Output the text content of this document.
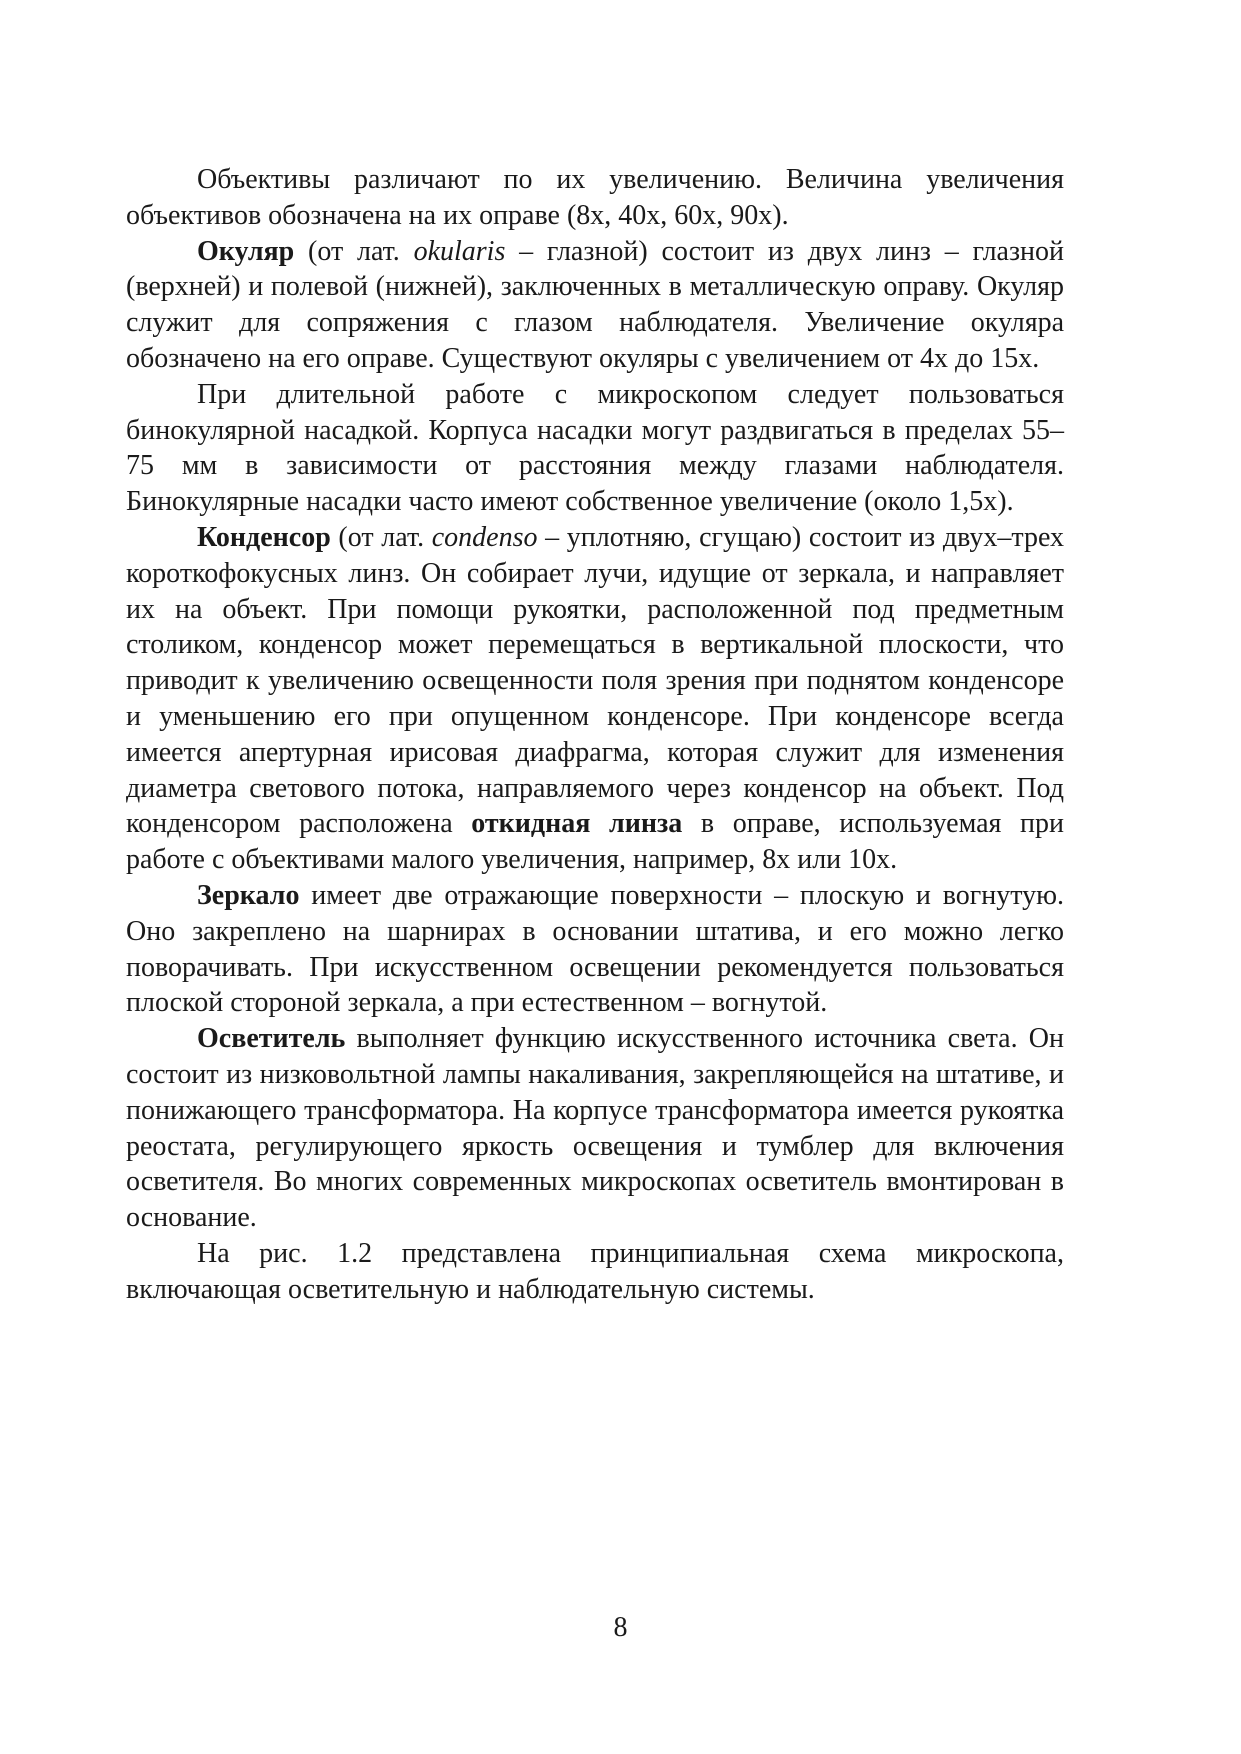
Объективы различают по их увеличению. Величина увеличения объективов обозначена на их оправе (8x, 40x, 60x, 90x).

Окуляр (от лат. okularis – глазной) состоит из двух линз – глазной (верхней) и полевой (нижней), заключенных в металлическую оправу. Окуляр служит для сопряжения с глазом наблюдателя. Увеличение окуляра обозначено на его оправе. Существуют окуляры с увеличением от 4x до 15x.

При длительной работе с микроскопом следует пользоваться бинокулярной насадкой. Корпуса насадки могут раздвигаться в пределах 55–75 мм в зависимости от расстояния между глазами наблюдателя. Бинокулярные насадки часто имеют собственное увеличение (около 1,5x).

Конденсор (от лат. condenso – уплотняю, сгущаю) состоит из двух–трех короткофокусных линз. Он собирает лучи, идущие от зеркала, и направляет их на объект. При помощи рукоятки, расположенной под предметным столиком, конденсор может перемещаться в вертикальной плоскости, что приводит к увеличению освещенности поля зрения при поднятом конденсоре и уменьшению его при опущенном конденсоре. При конденсоре всегда имеется апертурная ирисовая диафрагма, которая служит для изменения диаметра светового потока, направляемого через конденсор на объект. Под конденсором расположена откидная линза в оправе, используемая при работе с объективами малого увеличения, например, 8x или 10x.

Зеркало имеет две отражающие поверхности – плоскую и вогнутую. Оно закреплено на шарнирах в основании штатива, и его можно легко поворачивать. При искусственном освещении рекомендуется пользоваться плоской стороной зеркала, а при естественном – вогнутой.

Осветитель выполняет функцию искусственного источника света. Он состоит из низковольтной лампы накаливания, закрепляющейся на штативе, и понижающего трансформатора. На корпусе трансформатора имеется рукоятка реостата, регулирующего яркость освещения и тумблер для включения осветителя. Во многих современных микроскопах осветитель вмонтирован в основание.

На рис. 1.2 представлена принципиальная схема микроскопа, включающая осветительную и наблюдательную системы.

8
